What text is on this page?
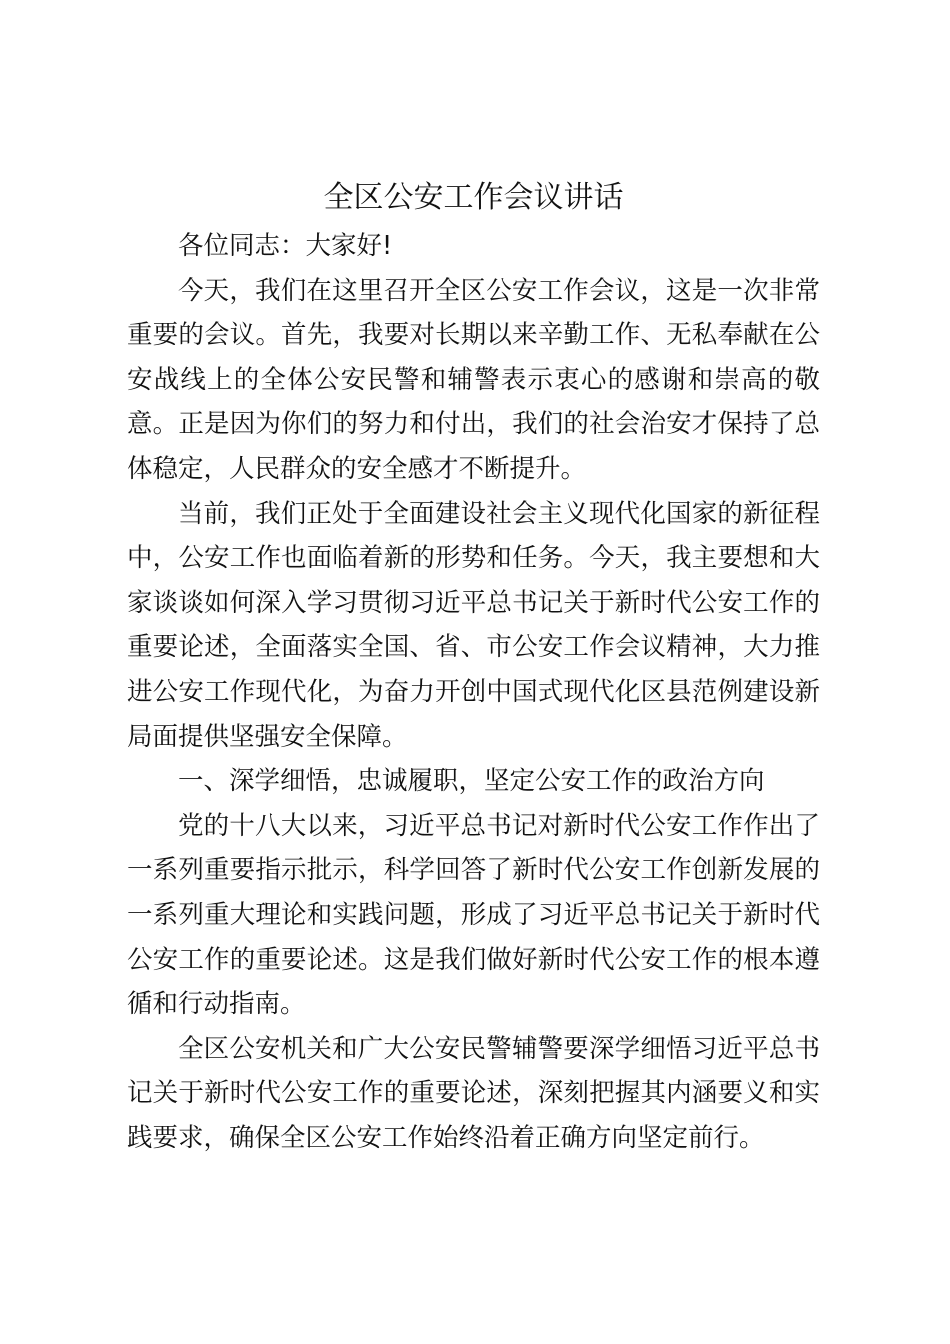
全区公安工作会议讲话

各位同志：大家好!

今天，我们在这里召开全区公安工作会议，这是一次非常重要的会议。首先，我要对长期以来辛勤工作、无私奉献在公安战线上的全体公安民警和辅警表示衷心的感谢和崇高的敬意。正是因为你们的努力和付出，我们的社会治安才保持了总体稳定，人民群众的安全感才不断提升。

当前，我们正处于全面建设社会主义现代化国家的新征程中，公安工作也面临着新的形势和任务。今天，我主要想和大家谈谈如何深入学习贯彻习近平总书记关于新时代公安工作的重要论述，全面落实全国、省、市公安工作会议精神，大力推进公安工作现代化，为奋力开创中国式现代化区县范例建设新局面提供坚强安全保障。

一、深学细悟，忠诚履职，坚定公安工作的政治方向

党的十八大以来，习近平总书记对新时代公安工作作出了一系列重要指示批示，科学回答了新时代公安工作创新发展的一系列重大理论和实践问题，形成了习近平总书记关于新时代公安工作的重要论述。这是我们做好新时代公安工作的根本遵循和行动指南。

全区公安机关和广大公安民警辅警要深学细悟习近平总书记关于新时代公安工作的重要论述，深刻把握其内涵要义和实践要求，确保全区公安工作始终沿着正确方向坚定前行。
